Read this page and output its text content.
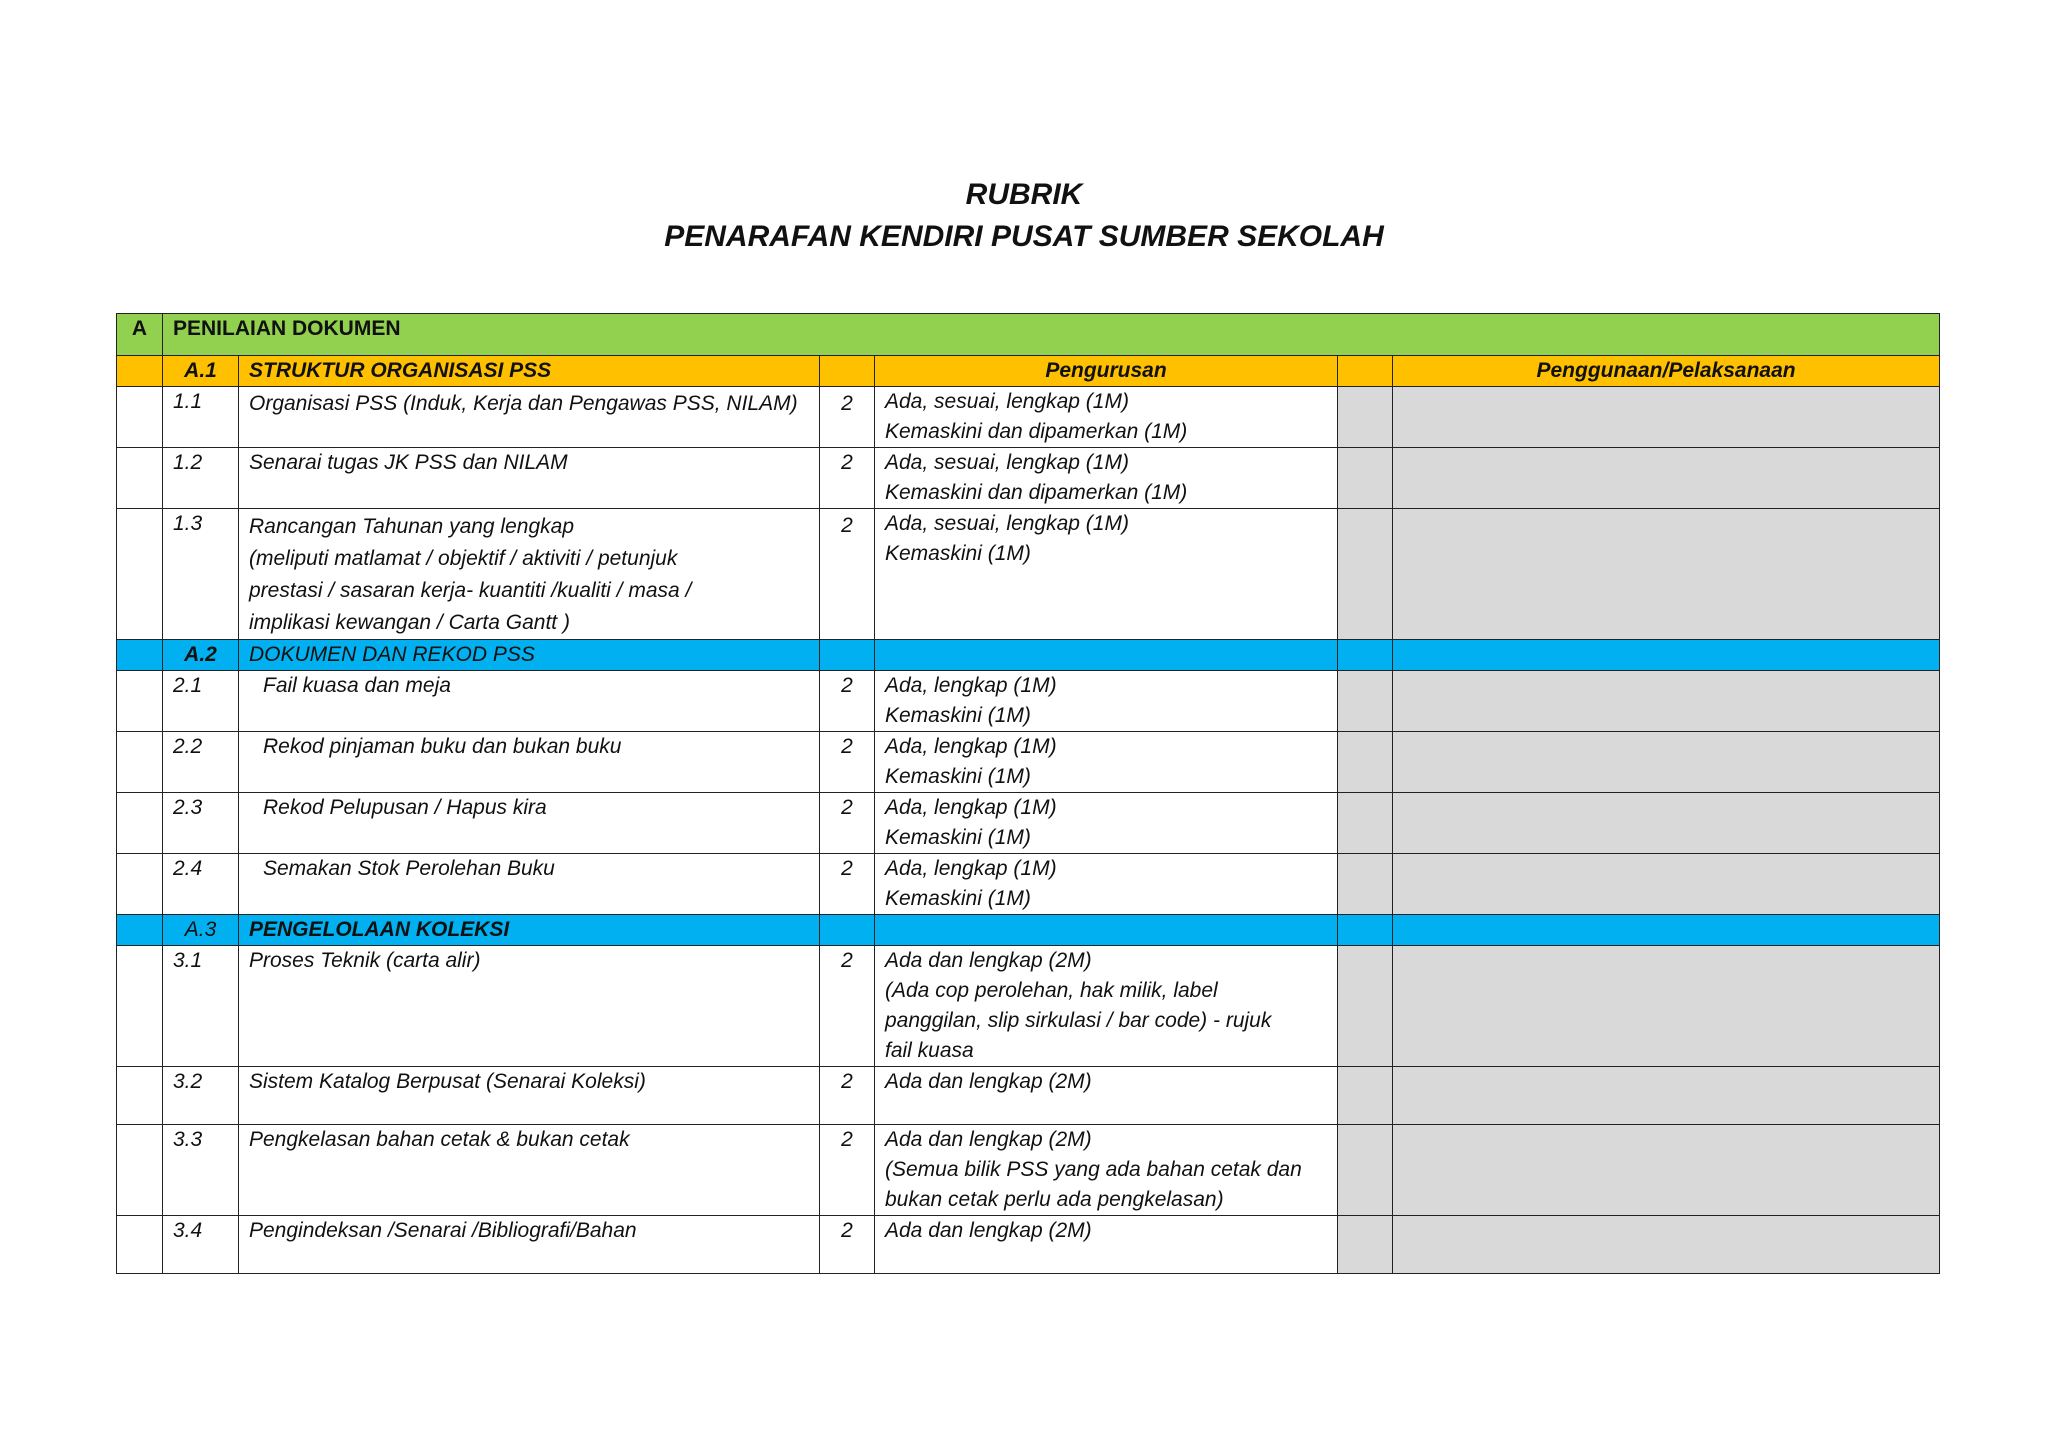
RUBRIK
PENARAFAN KENDIRI PUSAT SUMBER SEKOLAH
A	PENILAIAN DOKUMEN					
	A.1	STRUKTUR ORGANISASI PSS		Pengurusan		Penggunaan/Pelaksanaan
	1.1	Organisasi PSS (Induk, Kerja dan Pengawas PSS, NILAM)	2	Ada, sesuai, lengkap (1M)
Kemaskini dan dipamerkan (1M)		

	1.2	Senarai tugas JK PSS dan NILAM	2	Ada, sesuai, lengkap (1M)
Kemaskini dan dipamerkan (1M)		

	1.3	Rancangan Tahunan yang lengkap
(meliputi matlamat / objektif / aktiviti / petunjuk
prestasi / sasaran kerja- kuantiti /kualiti / masa /
implikasi kewangan / Carta Gantt )	2	Ada, sesuai, lengkap (1M)
Kemaskini (1M)		

	A.2	DOKUMEN DAN REKOD PSS				
	2.1	Fail kuasa dan meja	2	Ada, lengkap (1M)
Kemaskini (1M)		

	2.2	Rekod pinjaman buku dan bukan buku	2	Ada, lengkap (1M)
Kemaskini (1M)		

	2.3	Rekod Pelupusan / Hapus kira	2	Ada, lengkap (1M)
Kemaskini (1M)		

	2.4	Semakan Stok Perolehan Buku	2	Ada, lengkap (1M)
Kemaskini (1M)		

	A.3	PENGELOLAAN KOLEKSI				
	3.1	Proses Teknik (carta alir)	2	Ada dan lengkap (2M)
(Ada cop perolehan, hak milik, label
panggilan, slip sirkulasi / bar code) - rujuk
fail kuasa		

	3.2	Sistem Katalog Berpusat (Senarai Koleksi)	2	Ada dan lengkap (2M)		

	3.3	Pengkelasan bahan cetak & bukan cetak	2	Ada dan lengkap (2M)
(Semua bilik PSS yang ada bahan cetak dan
bukan cetak perlu ada pengkelasan)		

	3.4	Pengindeksan /Senarai /Bibliografi/Bahan	2	Ada dan lengkap (2M)		
